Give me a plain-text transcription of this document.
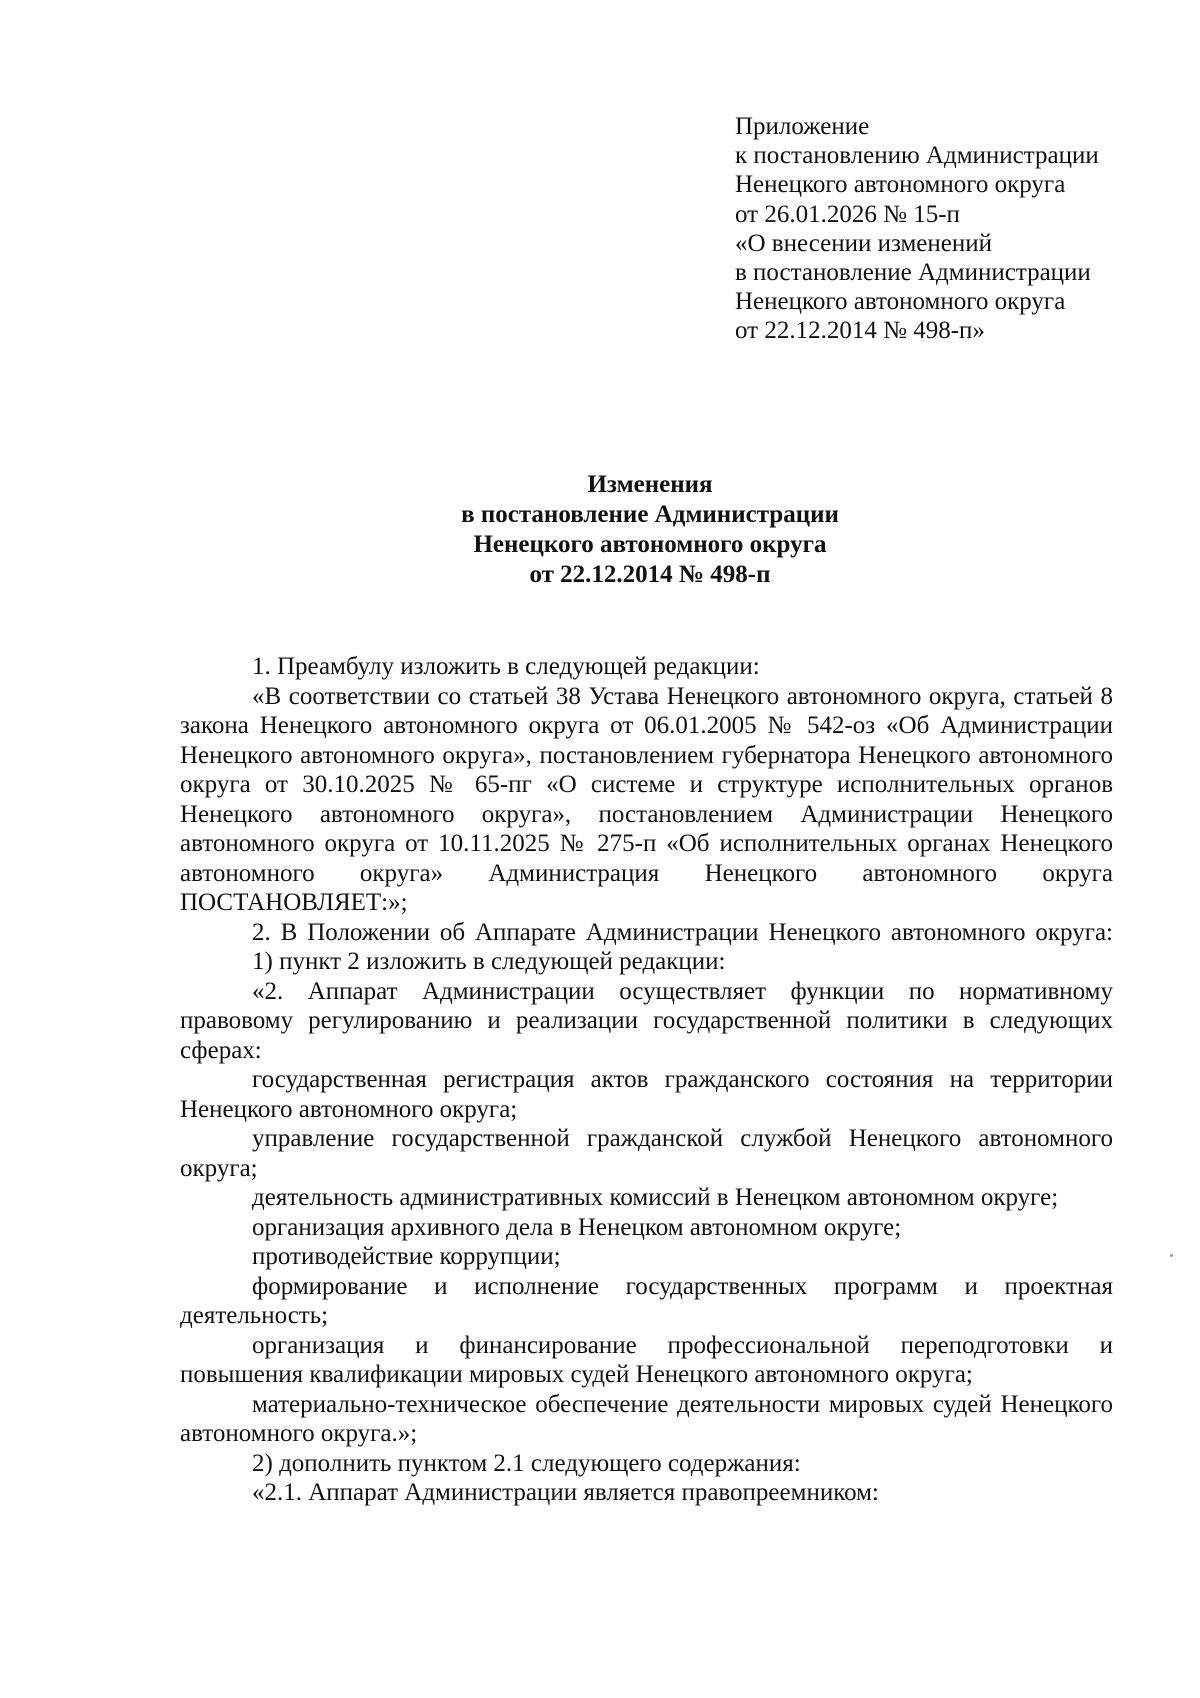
Приложение
к постановлению Администрации
Ненецкого автономного округа
от 26.01.2026 № 15-п
«О внесении изменений
в постановление Администрации
Ненецкого автономного округа
от 22.12.2014 № 498-п»
Изменения
в постановление Администрации
Ненецкого автономного округа
от 22.12.2014 № 498-п

1. Преамбулу изложить в следующей редакции:

«В соответствии со статьей 38 Устава Ненецкого автономного округа, статьей 8 закона Ненецкого автономного округа от 06.01.2005 № 542-оз «Об Администрации Ненецкого автономного округа», постановлением губернатора Ненецкого автономного округа от 30.10.2025 № 65-пг «О системе и структуре исполнительных органов Ненецкого автономного округа», постановлением Администрации Ненецкого автономного округа от 10.11.2025 № 275-п «Об исполнительных органах Ненецкого автономного округа» Администрация Ненецкого автономного округа ПОСТАНОВЛЯЕТ:»;

2. В Положении об Аппарате Администрации Ненецкого автономного округа:

1) пункт 2 изложить в следующей редакции:

«2. Аппарат Администрации осуществляет функции по нормативному правовому регулированию и реализации государственной политики в следующих сферах:

государственная регистрация актов гражданского состояния на территории Ненецкого автономного округа;

управление государственной гражданской службой Ненецкого автономного округа;

деятельность административных комиссий в Ненецком автономном округе;

организация архивного дела в Ненецком автономном округе;

противодействие коррупции;

формирование и исполнение государственных программ и проектная деятельность;

организация и финансирование профессиональной переподготовки и повышения квалификации мировых судей Ненецкого автономного округа;

материально-техническое обеспечение деятельности мировых судей Ненецкого автономного округа.»;

2) дополнить пунктом 2.1 следующего содержания:

«2.1. Аппарат Администрации является правопреемником:
